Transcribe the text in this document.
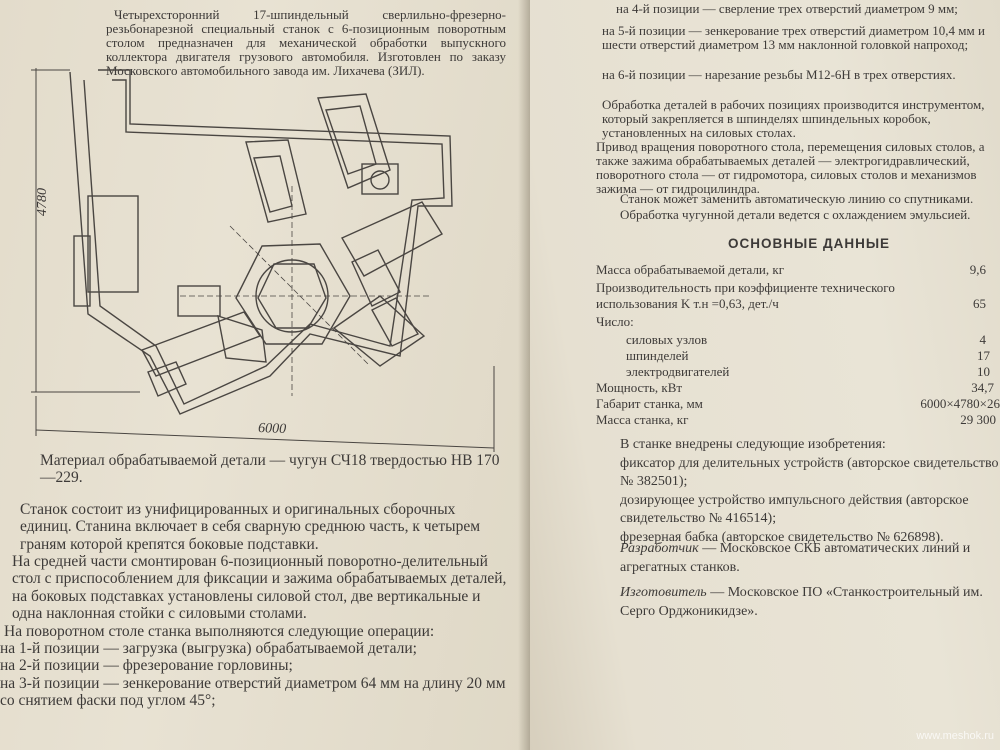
Четырехсторонний 17-шпиндельный сверлильно-фрезерно-резьбонарезной специальный станок с 6-позиционным поворотным столом предназначен для механической обработки выпускного коллектора двигателя грузового автомобиля. Изготовлен по заказу Московского автомобильного завода им. Лихачева (ЗИЛ).

4780
6000

Материал обрабатываемой детали — чугун СЧ18 твердостью НВ 170—229.

Станок состоит из унифицированных и оригинальных сборочных единиц. Станина включает в себя сварную среднюю часть, к четырем граням которой крепятся боковые подставки.

На средней части смонтирован 6-позиционный поворотно-делительный стол с приспособлением для фиксации и зажима обрабатываемых деталей, на боковых подставках установлены силовой стол, две вертикальные и одна наклонная стойки с силовыми столами.

На поворотном столе станка выполняются следующие операции:

на 1-й позиции — загрузка (выгрузка) обрабатываемой детали;

на 2-й позиции — фрезерование горловины;

на 3-й позиции — зенкерование отверстий диаметром 64 мм на длину 20 мм со снятием фаски под углом 45°;

на 4-й позиции — сверление трех отверстий диаметром 9 мм;

на 5-й позиции — зенкерование трех отверстий диаметром 10,4 мм и шести отверстий диаметром 13 мм наклонной головкой напроход;

на 6-й позиции — нарезание резьбы М12-6Н в трех отверстиях.

Обработка деталей в рабочих позициях производится инструментом, который закрепляется в шпинделях шпиндельных коробок, установленных на силовых столах.

Привод вращения поворотного стола, перемещения силовых столов, а также зажима обрабатываемых деталей — электрогидравлический, поворотного стола — от гидромотора, силовых столов и механизмов зажима — от гидроцилиндра.

Станок может заменить автоматическую линию со спутниками.

Обработка чугунной детали ведется с охлаждением эмульсией.

ОСНОВНЫЕ ДАННЫЕ
Масса обрабатываемой детали, кг	9,6
Производительность при коэффициенте технического использования K т.н =0,63, дет./ч	65
Число:
силовых узлов	4
шпинделей	17
электродвигателей	10
Мощность, кВт	34,7
Габарит станка, мм	6000×4780×26
Масса станка, кг	29 300

В станке внедрены следующие изобретения:

фиксатор для делительных устройств (авторское свидетельство № 382501);

дозирующее устройство импульсного действия (авторское свидетельство № 416514);

фрезерная бабка (авторское свидетельство № 626898).

Разработчик — Московское СКБ автоматических линий и агрегатных станков.

Изготовитель — Московское ПО «Станкостроительный им. Серго Орджоникидзе».

www.meshok.ru
